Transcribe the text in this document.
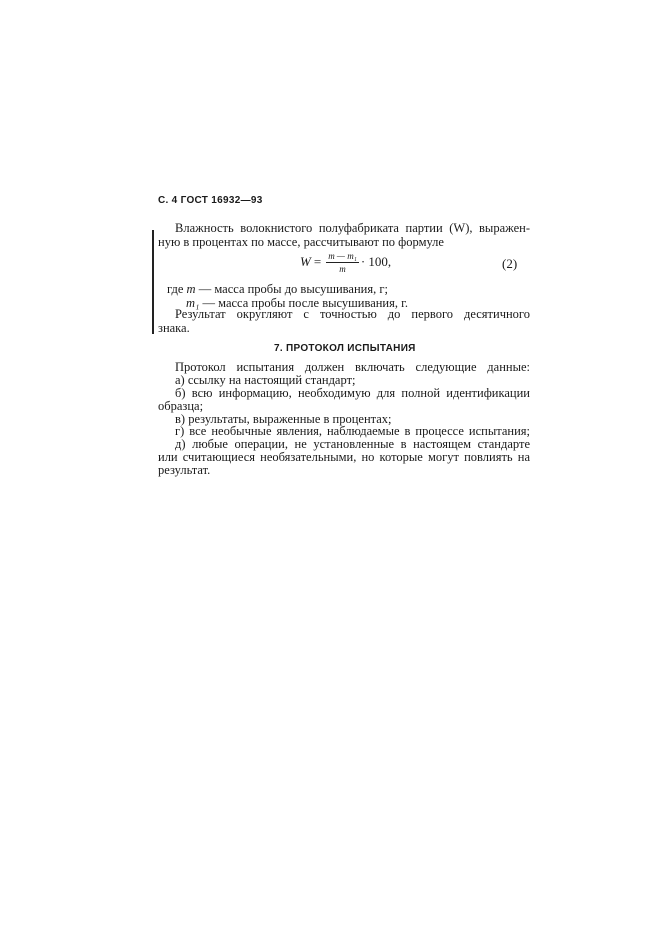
С. 4 ГОСТ 16932—93
Влажность волокнистого полуфабриката партии (W), выражен-
ную в процентах по массе, рассчитывают по формуле
$W = \frac{\text{m — m₁}}{m} \cdot 100$,	(2)
где m — масса пробы до высушивания, г;
m₁ — масса пробы после высушивания, г.
Результат округляют с точностью до первого десятичного
знака.
7. ПРОТОКОЛ ИСПЫТАНИЯ
Протокол испытания должен включать следующие данные:
а) ссылку на настоящий стандарт;
б) всю информацию, необходимую для полной идентификации
образца;
в) результаты, выраженные в процентах;
г) все необычные явления, наблюдаемые в процессе испытания;
д) любые операции, не установленные в настоящем стандарте
или считающиеся необязательными, но которые могут повлиять на
результат.
